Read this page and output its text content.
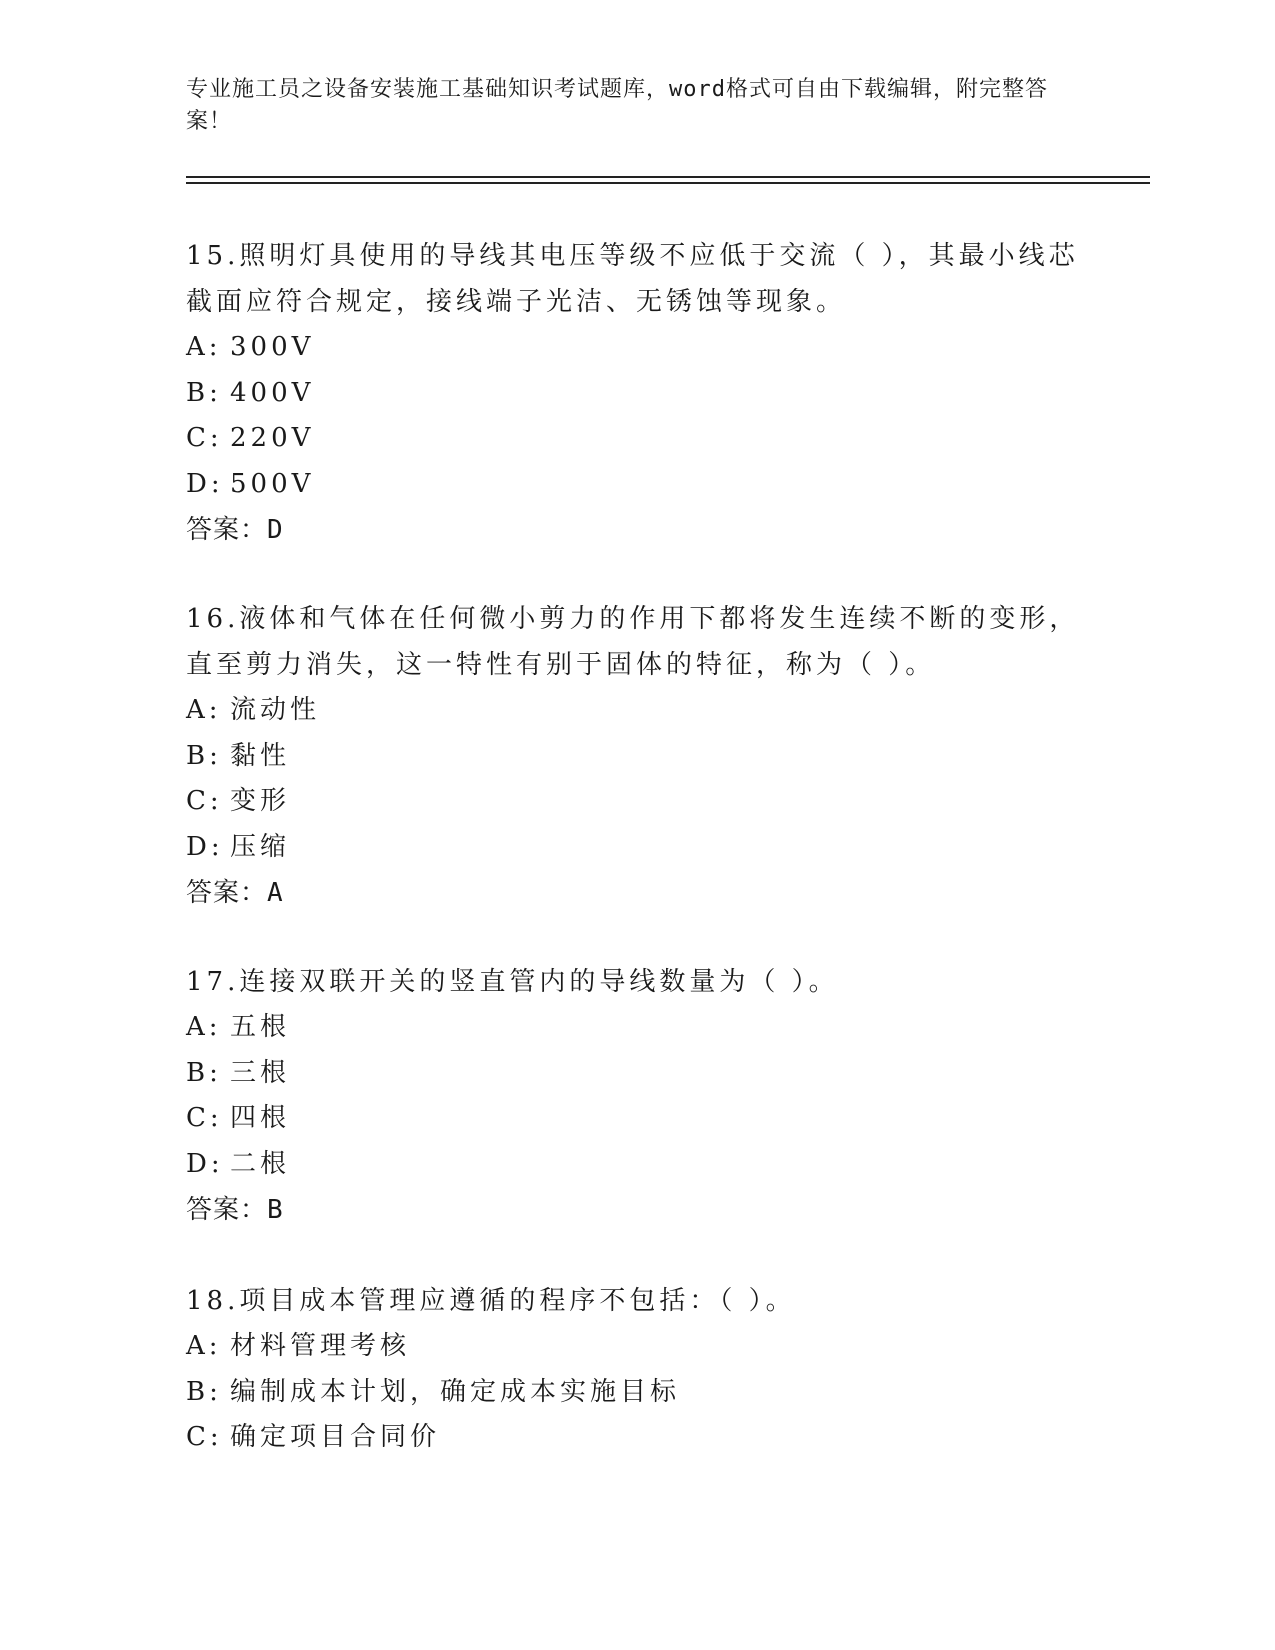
专业施工员之设备安装施工基础知识考试题库，word格式可自由下载编辑，附完整答案！

15.照明灯具使用的导线其电压等级不应低于交流（ ），其最小线芯截面应符合规定，接线端子光洁、无锈蚀等现象。

A: 300V

B: 400V

C: 220V

D: 500V

答案：D

16.液体和气体在任何微小剪力的作用下都将发生连续不断的变形，直至剪力消失，这一特性有别于固体的特征，称为（ ）。

A: 流动性

B: 黏性

C: 变形

D: 压缩

答案：A

17.连接双联开关的竖直管内的导线数量为（ ）。

A: 五根

B: 三根

C: 四根

D: 二根

答案：B

18.项目成本管理应遵循的程序不包括：（ ）。

A: 材料管理考核

B: 编制成本计划，确定成本实施目标

C: 确定项目合同价
